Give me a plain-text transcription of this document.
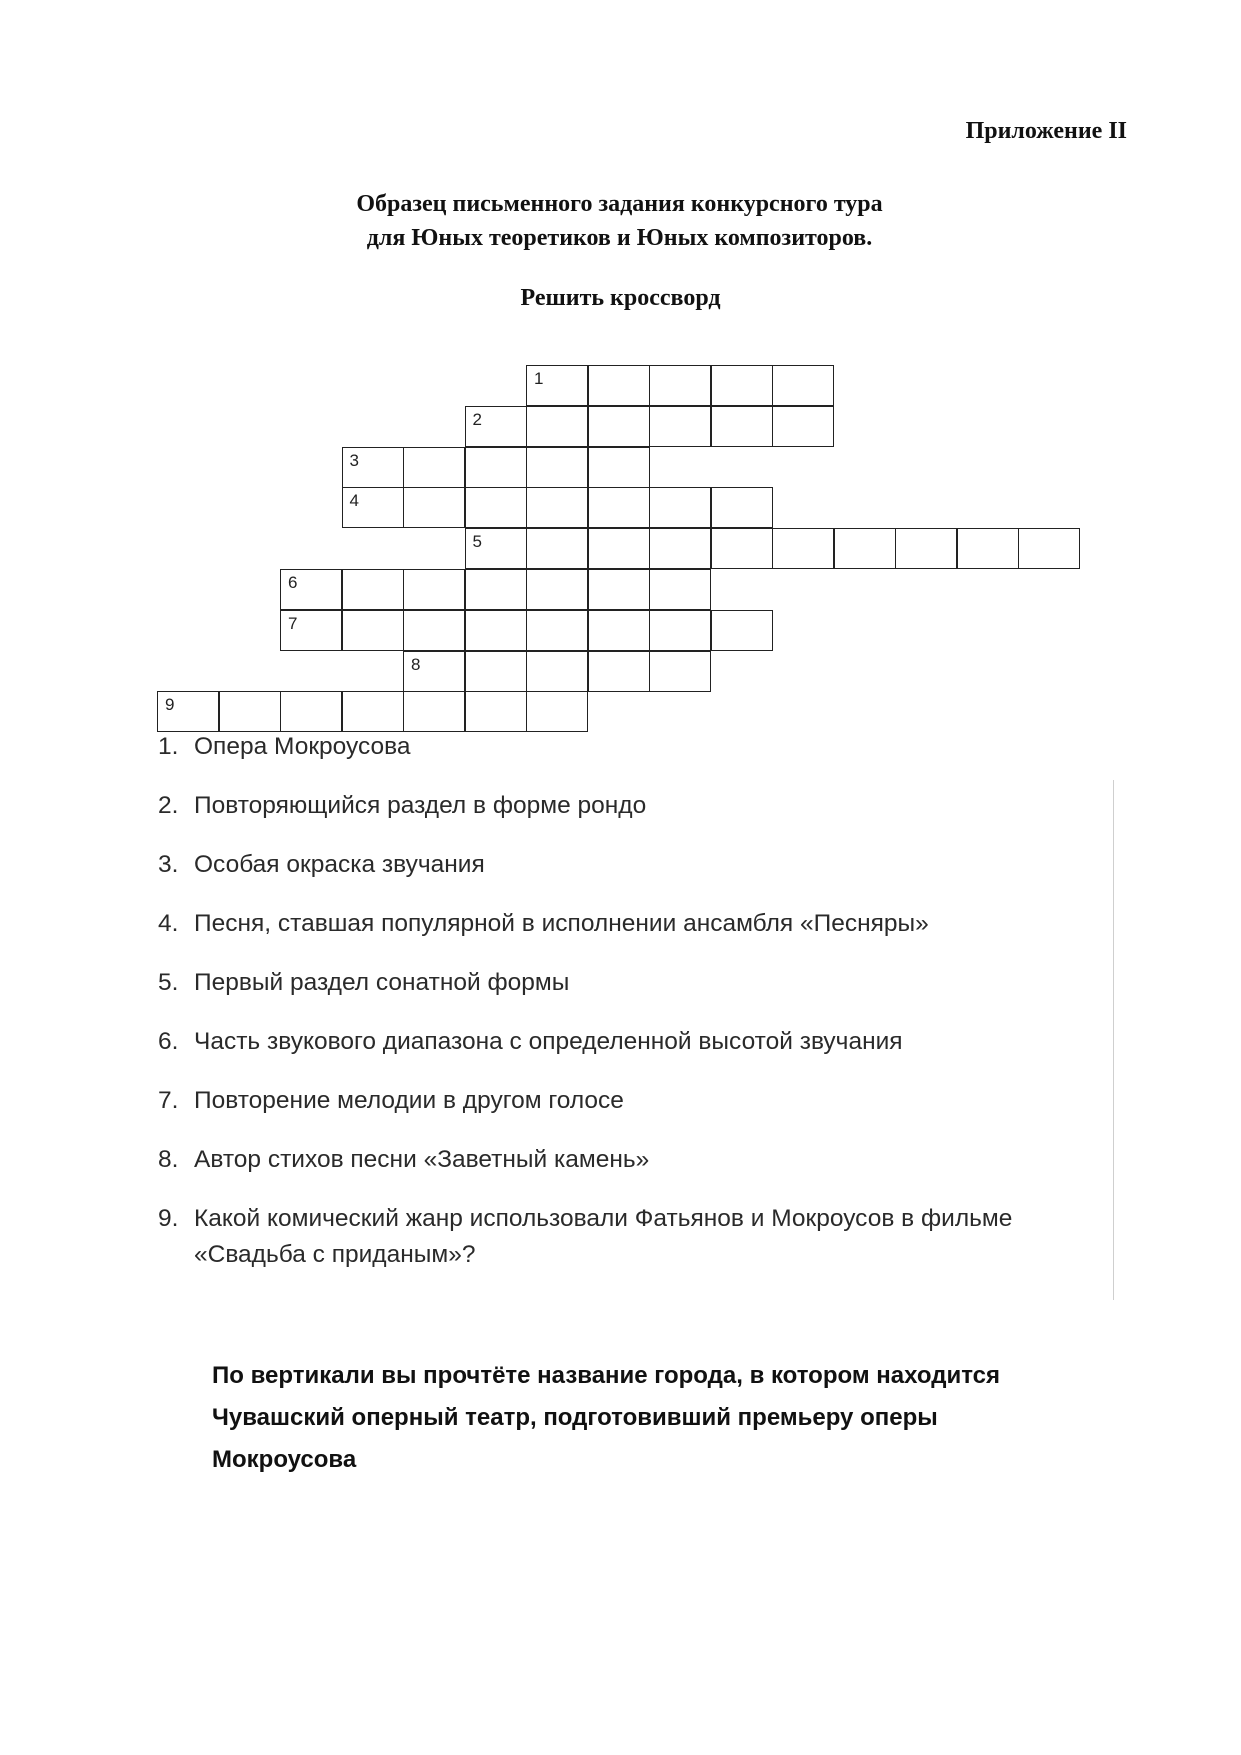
Приложение II
Образец письменного задания конкурсного тура
для Юных теоретиков и Юных композиторов.
Решить кроссворд
1
2
3
4
5
6
7
8
9
1. Опера Мокроусова
2. Повторяющийся раздел в форме рондо
3. Особая окраска звучания
4. Песня, ставшая популярной в исполнении ансамбля «Песняры»
5. Первый раздел сонатной формы
6. Часть звукового диапазона с определенной высотой звучания
7. Повторение мелодии в другом голосе
8. Автор стихов песни «Заветный камень»
9. Какой комический жанр использовали Фатьянов и Мокроусов в фильме «Свадьба с приданым»?
По вертикали вы прочтёте название города, в котором находится Чувашский оперный театр, подготовивший премьеру оперы Мокроусова
